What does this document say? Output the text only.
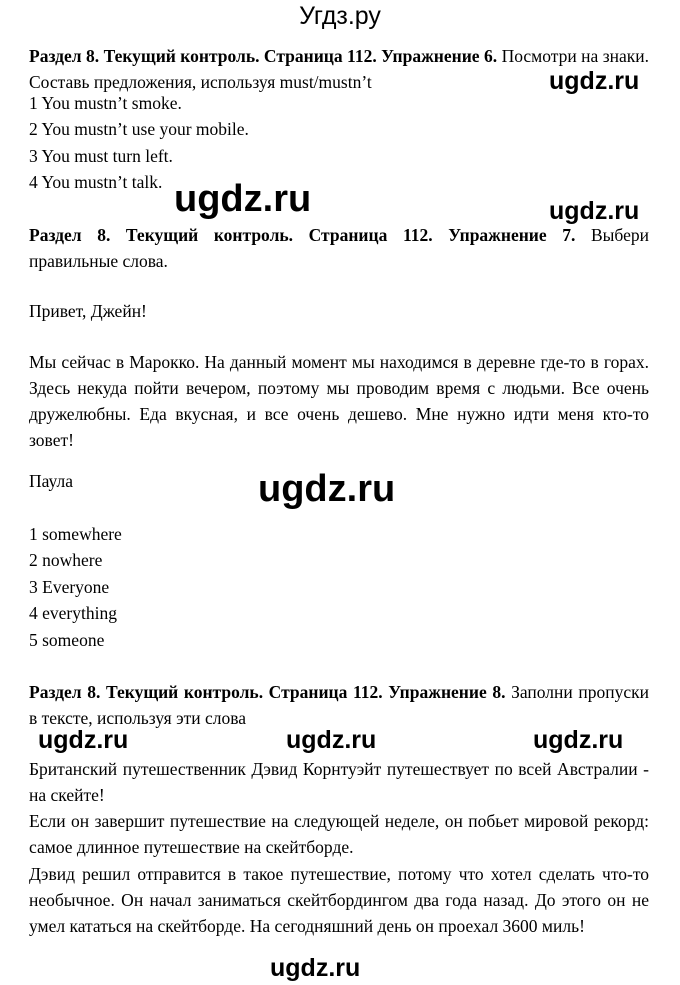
Угдз.ру
Раздел 8. Текущий контроль. Страница 112. Упражнение 6. Посмотри на знаки. Составь предложения, используя must/mustn’t	ugdz.ru
1 You mustn’t smoke.
2 You mustn’t use your mobile.
3 You must turn left.
4 You mustn’t talk. ugdz.ru	ugdz.ru
Раздел 8. Текущий контроль. Страница 112. Упражнение 7. Выбери правильные слова.
Привет, Джейн!
Мы сейчас в Марокко. На данный момент мы находимся в деревне где-то в горах. Здесь некуда пойти вечером, поэтому мы проводим время с людьми. Все очень дружелюбны. Еда вкусная, и все очень дешево. Мне нужно идти меня кто-то зовет!
Паула	ugdz.ru
1 somewhere
2 nowhere
3 Everyone
4 everything
5 someone
Раздел 8. Текущий контроль. Страница 112. Упражнение 8. Заполни пропуски в тексте, используя эти слова
ugdz.ru	ugdz.ru	ugdz.ru
Британский путешественник Дэвид Корнтуэйт путешествует по всей Австралии - на скейте!
Если он завершит путешествие на следующей неделе, он побьет мировой рекорд: самое длинное путешествие на скейтборде.
Дэвид решил отправится в такое путешествие, потому что хотел сделать что-то необычное. Он начал заниматься скейтбордингом два года назад. До этого он не умел кататься на скейтборде. На сегодняшний день он проехал 3600 миль!
ugdz.ru
